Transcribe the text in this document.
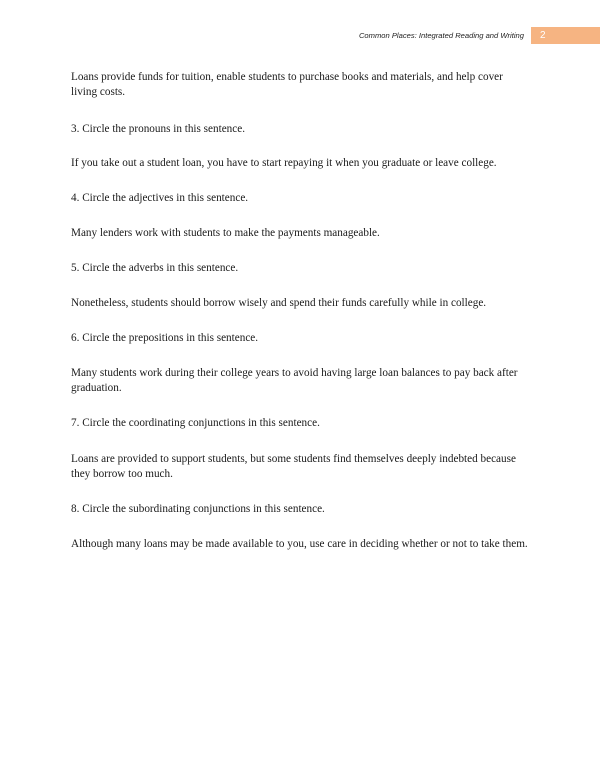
Common Places: Integrated Reading and Writing 2

Loans provide funds for tuition, enable students to purchase books and materials, and help cover living costs.

3. Circle the pronouns in this sentence.

If you take out a student loan, you have to start repaying it when you graduate or leave college.

4. Circle the adjectives in this sentence.

Many lenders work with students to make the payments manageable.

5. Circle the adverbs in this sentence.

Nonetheless, students should borrow wisely and spend their funds carefully while in college.

6. Circle the prepositions in this sentence.

Many students work during their college years to avoid having large loan balances to pay back after graduation.

7. Circle the coordinating conjunctions in this sentence.

Loans are provided to support students, but some students find themselves deeply indebted because they borrow too much.

8. Circle the subordinating conjunctions in this sentence.

Although many loans may be made available to you, use care in deciding whether or not to take them.
